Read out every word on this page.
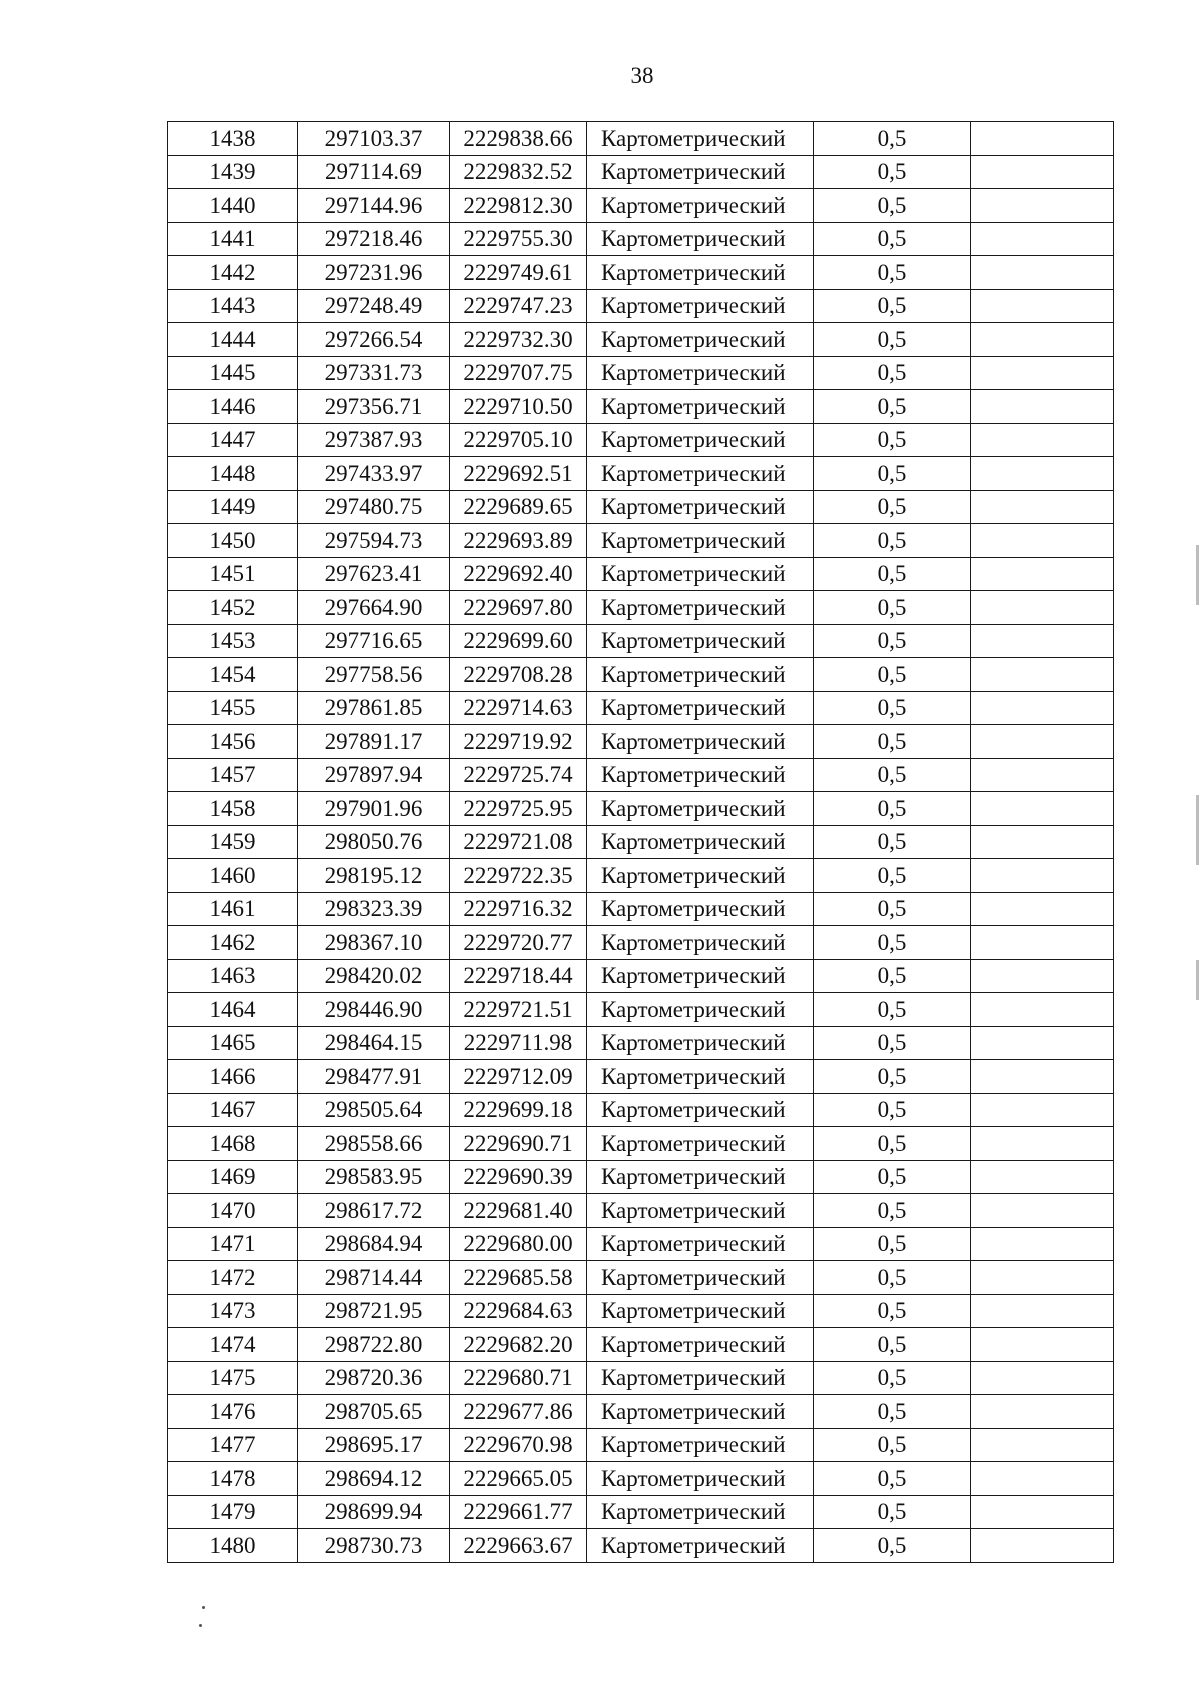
38
1438	297103.37	2229838.66	Картометрический	0,5	
1439	297114.69	2229832.52	Картометрический	0,5	
1440	297144.96	2229812.30	Картометрический	0,5	
1441	297218.46	2229755.30	Картометрический	0,5	
1442	297231.96	2229749.61	Картометрический	0,5	
1443	297248.49	2229747.23	Картометрический	0,5	
1444	297266.54	2229732.30	Картометрический	0,5	
1445	297331.73	2229707.75	Картометрический	0,5	
1446	297356.71	2229710.50	Картометрический	0,5	
1447	297387.93	2229705.10	Картометрический	0,5	
1448	297433.97	2229692.51	Картометрический	0,5	
1449	297480.75	2229689.65	Картометрический	0,5	
1450	297594.73	2229693.89	Картометрический	0,5	
1451	297623.41	2229692.40	Картометрический	0,5	
1452	297664.90	2229697.80	Картометрический	0,5	
1453	297716.65	2229699.60	Картометрический	0,5	
1454	297758.56	2229708.28	Картометрический	0,5	
1455	297861.85	2229714.63	Картометрический	0,5	
1456	297891.17	2229719.92	Картометрический	0,5	
1457	297897.94	2229725.74	Картометрический	0,5	
1458	297901.96	2229725.95	Картометрический	0,5	
1459	298050.76	2229721.08	Картометрический	0,5	
1460	298195.12	2229722.35	Картометрический	0,5	
1461	298323.39	2229716.32	Картометрический	0,5	
1462	298367.10	2229720.77	Картометрический	0,5	
1463	298420.02	2229718.44	Картометрический	0,5	
1464	298446.90	2229721.51	Картометрический	0,5	
1465	298464.15	2229711.98	Картометрический	0,5	
1466	298477.91	2229712.09	Картометрический	0,5	
1467	298505.64	2229699.18	Картометрический	0,5	
1468	298558.66	2229690.71	Картометрический	0,5	
1469	298583.95	2229690.39	Картометрический	0,5	
1470	298617.72	2229681.40	Картометрический	0,5	
1471	298684.94	2229680.00	Картометрический	0,5	
1472	298714.44	2229685.58	Картометрический	0,5	
1473	298721.95	2229684.63	Картометрический	0,5	
1474	298722.80	2229682.20	Картометрический	0,5	
1475	298720.36	2229680.71	Картометрический	0,5	
1476	298705.65	2229677.86	Картометрический	0,5	
1477	298695.17	2229670.98	Картометрический	0,5	
1478	298694.12	2229665.05	Картометрический	0,5	
1479	298699.94	2229661.77	Картометрический	0,5	
1480	298730.73	2229663.67	Картометрический	0,5	
